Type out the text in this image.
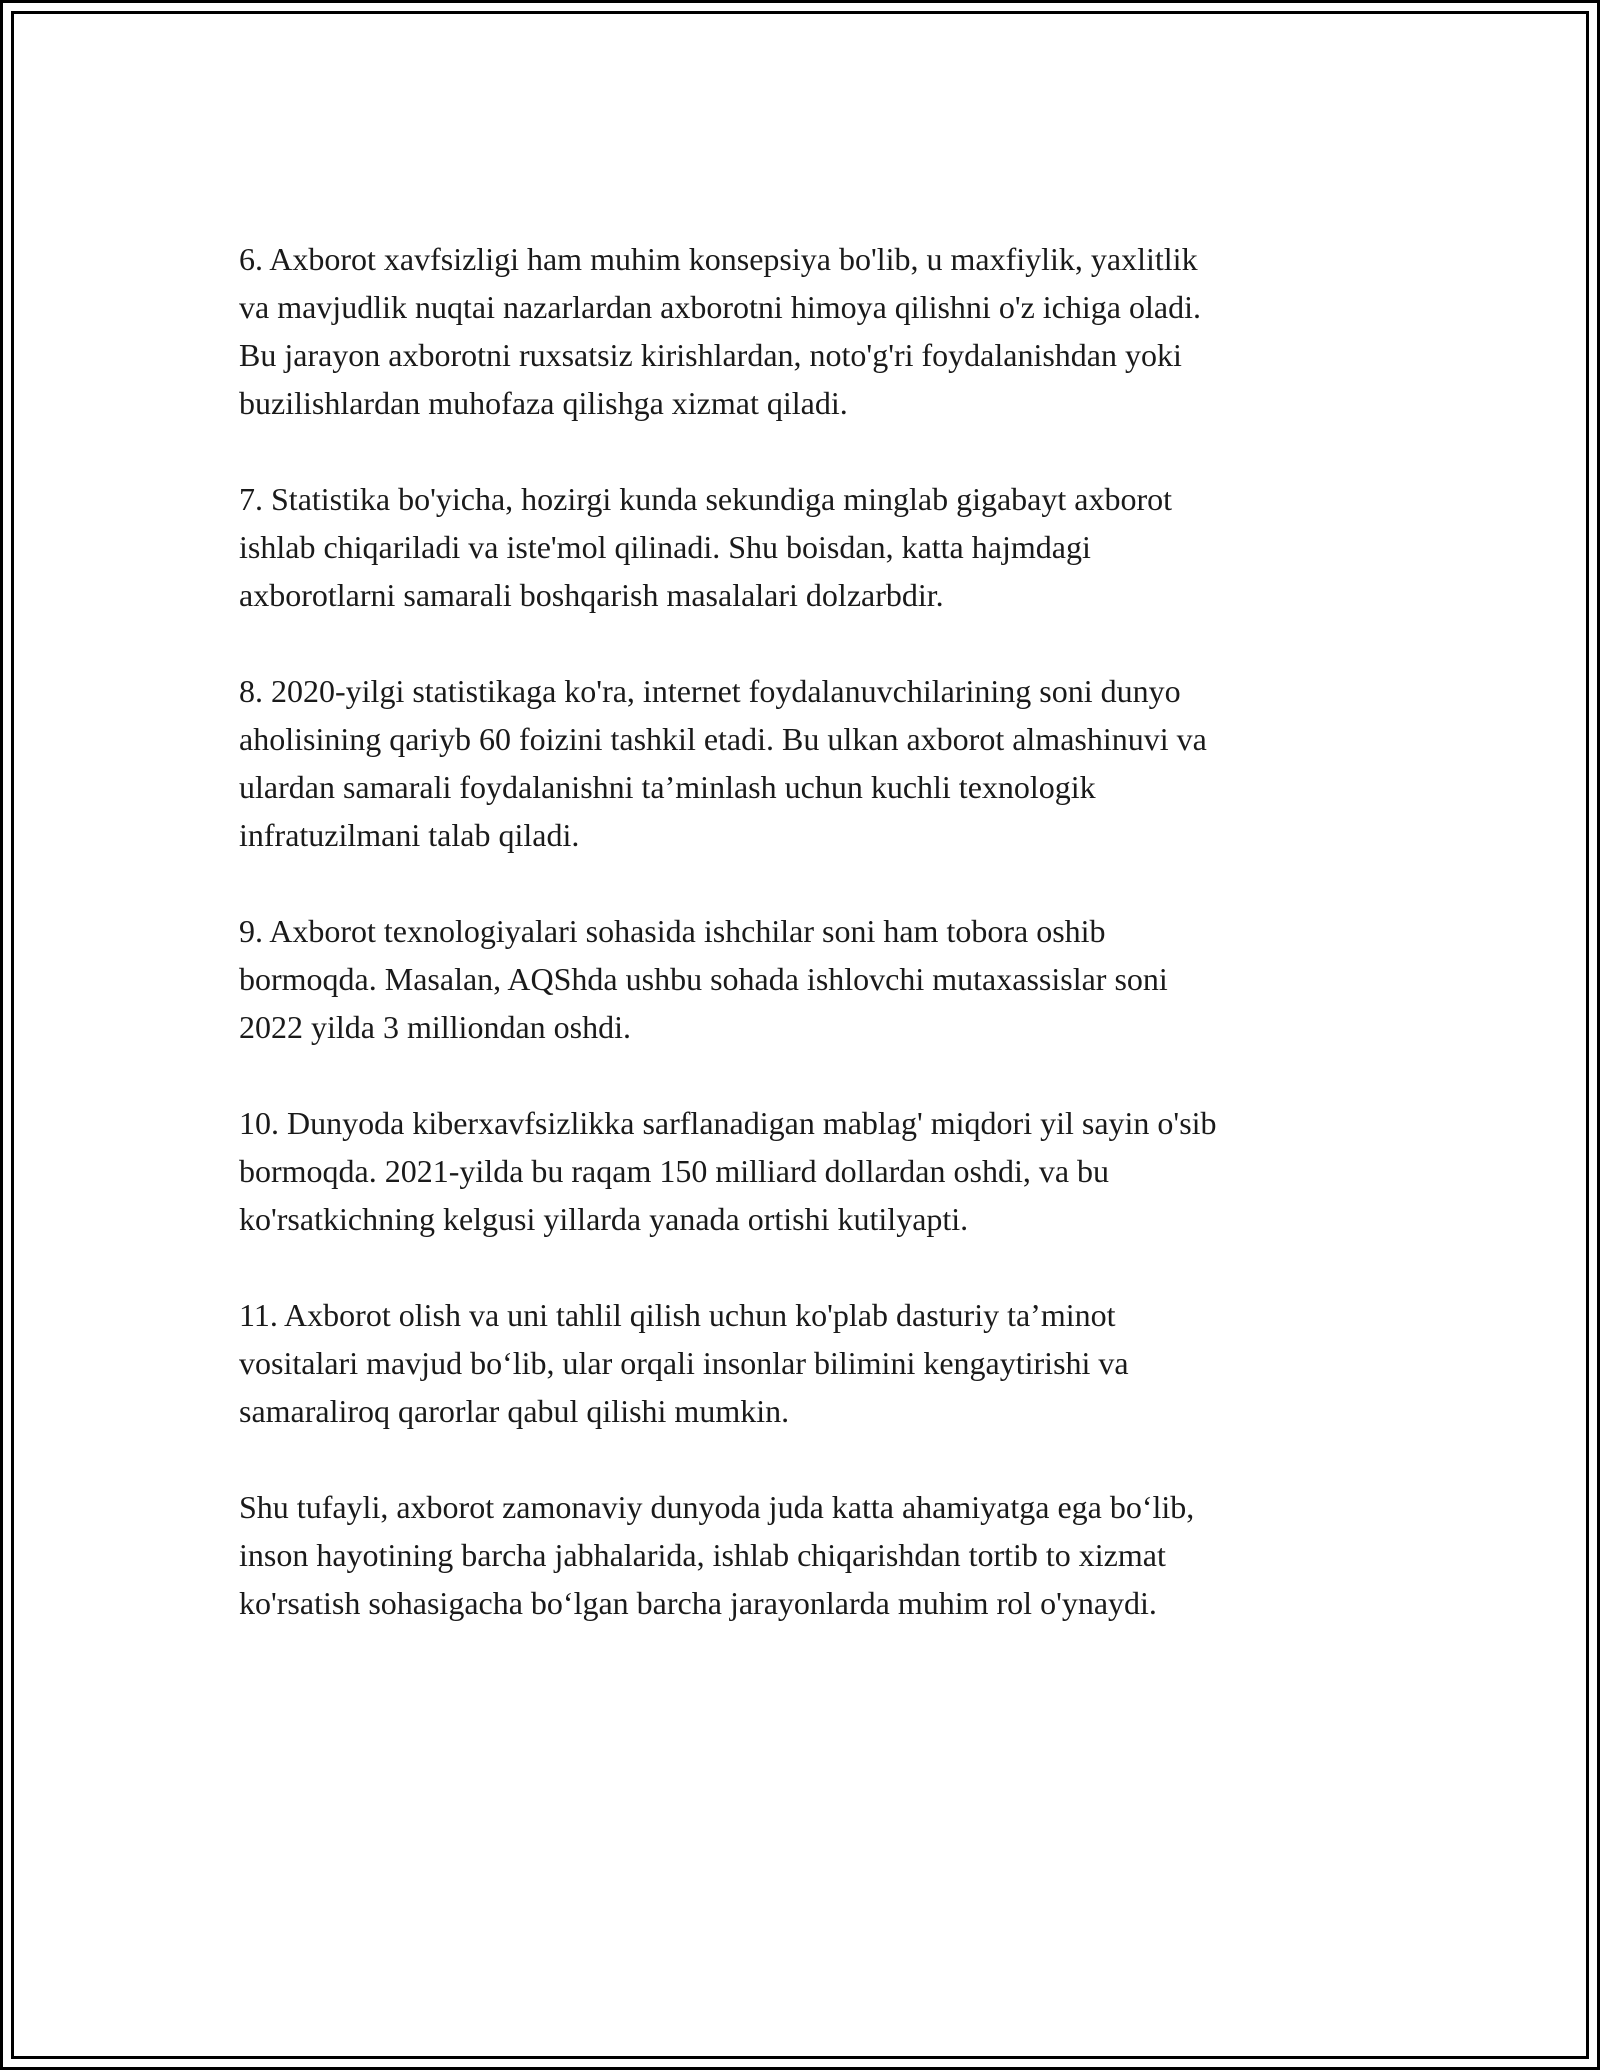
6. Axborot xavfsizligi ham muhim konsepsiya bo'lib, u maxfiylik, yaxlitlik
va mavjudlik nuqtai nazarlardan axborotni himoya qilishni o'z ichiga oladi.
Bu jarayon axborotni ruxsatsiz kirishlardan, noto'g'ri foydalanishdan yoki
buzilishlardan muhofaza qilishga xizmat qiladi.

7. Statistika bo'yicha, hozirgi kunda sekundiga minglab gigabayt axborot
ishlab chiqariladi va iste'mol qilinadi. Shu boisdan, katta hajmdagi
axborotlarni samarali boshqarish masalalari dolzarbdir.

8. 2020-yilgi statistikaga ko'ra, internet foydalanuvchilarining soni dunyo
aholisining qariyb 60 foizini tashkil etadi. Bu ulkan axborot almashinuvi va
ulardan samarali foydalanishni ta’minlash uchun kuchli texnologik
infratuzilmani talab qiladi.

9. Axborot texnologiyalari sohasida ishchilar soni ham tobora oshib
bormoqda. Masalan, AQShda ushbu sohada ishlovchi mutaxassislar soni
2022 yilda 3 milliondan oshdi.

10. Dunyoda kiberxavfsizlikka sarflanadigan mablag' miqdori yil sayin o'sib
bormoqda. 2021-yilda bu raqam 150 milliard dollardan oshdi, va bu
ko'rsatkichning kelgusi yillarda yanada ortishi kutilyapti.

11. Axborot olish va uni tahlil qilish uchun ko'plab dasturiy ta’minot
vositalari mavjud bo‘lib, ular orqali insonlar bilimini kengaytirishi va
samaraliroq qarorlar qabul qilishi mumkin.

Shu tufayli, axborot zamonaviy dunyoda juda katta ahamiyatga ega bo‘lib,
inson hayotining barcha jabhalarida, ishlab chiqarishdan tortib to xizmat
ko'rsatish sohasigacha bo‘lgan barcha jarayonlarda muhim rol o'ynaydi.
